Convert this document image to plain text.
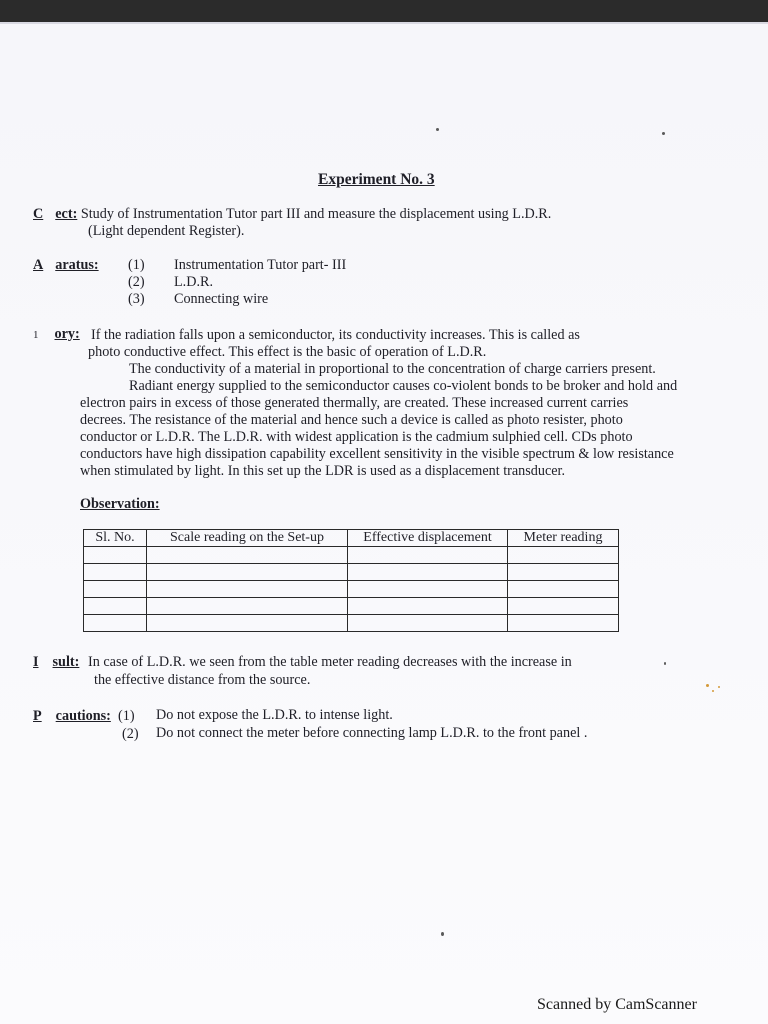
Experiment No. 3
C ect: Study of Instrumentation Tutor part III and measure the displacement using L.D.R.
(Light dependent Register).
A aratus: (1) Instrumentation Tutor part- III
(2) L.D.R.
(3) Connecting wire
1 ory: If the radiation falls upon a semiconductor, its conductivity increases. This is called as
photo conductive effect. This effect is the basic of operation of L.D.R.
The conductivity of a material in proportional to the concentration of charge carriers present.
Radiant energy supplied to the semiconductor causes co-violent bonds to be broker and hold and
electron pairs in excess of those generated thermally, are created. These increased current carries
decrees. The resistance of the material and hence such a device is called as photo resister, photo
conductor or L.D.R. The L.D.R. with widest application is the cadmium sulphied cell. CDs photo
conductors have high dissipation capability excellent sensitivity in the visible spectrum & low resistance
when stimulated by light. In this set up the LDR is used as a displacement transducer.
Observation:
Sl. No.	Scale reading on the Set-up	Effective displacement	Meter reading

I sult: In case of L.D.R. we seen from the table meter reading decreases with the increase in
the effective distance from the source.
P cautions: (1) Do not expose the L.D.R. to intense light.
(2) Do not connect the meter before connecting lamp L.D.R. to the front panel .
Scanned by CamScanner
